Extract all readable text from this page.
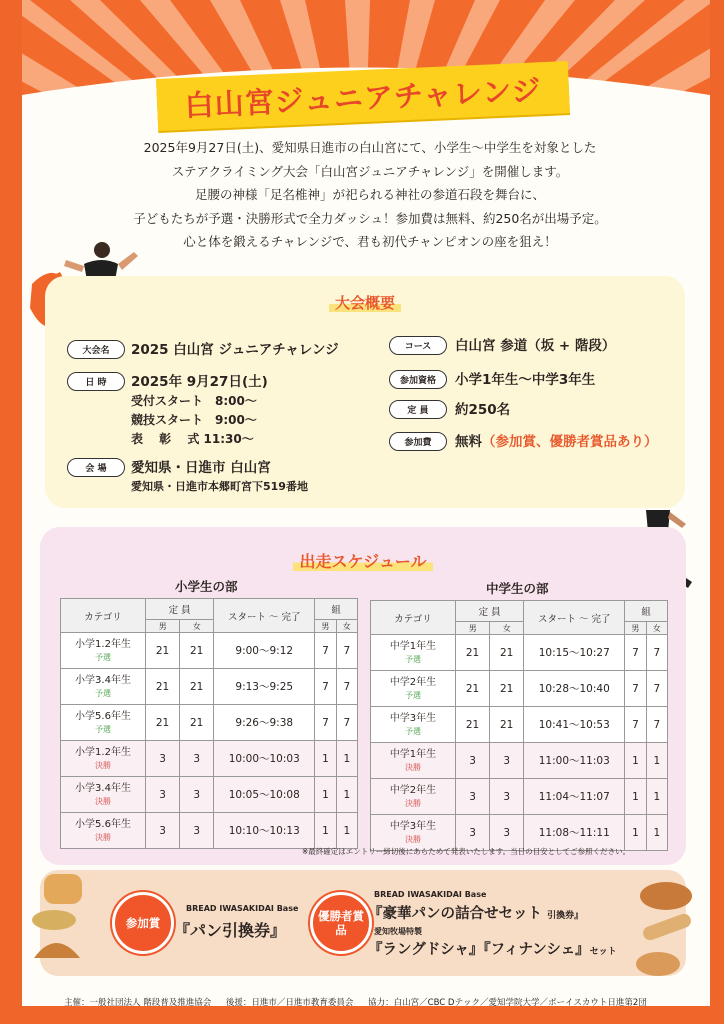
白山宮ジュニアチャレンジ

2025年9月27日(土)、愛知県日進市の白山宮にて、小学生〜中学生を対象とした

ステアクライミング大会「白山宮ジュニアチャレンジ」を開催します。

足腰の神様「足名椎神」が祀られる神社の参道石段を舞台に、

子どもたちが予選・決勝形式で全力ダッシュ！参加費は無料、約250名が出場予定。

心と体を鍛えるチャレンジで、君も初代チャンピオンの座を狙え！

大会概要
大会名	2025 白山宮 ジュニアチャレンジ
日 時	2025年 9月27日(土)
受付スタート　8:00〜
競技スタート　9:00〜
表　 彰 　式 11:30〜
会 場	愛知県・日進市 白山宮
愛知県・日進市本郷町宮下519番地
コース	白山宮 参道（坂 + 階段）
参加資格	小学1年生〜中学3年生
定 員	約250名
参加費	無料（参加賞、優勝者賞品あり）
出走スケジュール
小学生の部	中学生の部
カテゴリ	定 員		スタート 〜 完了	組	
	男	女		男	女
小学1.2年生
予選	21	21	9:00〜9:12	7	7
小学3.4年生
予選	21	21	9:13〜9:25	7	7
小学5.6年生
予選	21	21	9:26〜9:38	7	7
小学1.2年生
決勝	3	3	10:00〜10:03	1	1
小学3.4年生
決勝	3	3	10:05〜10:08	1	1
小学5.6年生
決勝	3	3	10:10〜10:13	1	1
カテゴリ	定 員		スタート 〜 完了	組	
	男	女		男	女
中学1年生
予選	21	21	10:15〜10:27	7	7
中学2年生
予選	21	21	10:28〜10:40	7	7
中学3年生
予選	21	21	10:41〜10:53	7	7
中学1年生
決勝	3	3	11:00〜11:03	1	1
中学2年生
決勝	3	3	11:04〜11:07	1	1
中学3年生
決勝	3	3	11:08〜11:11	1	1
※最終確定はエントリー締切後にあらためて発表いたします。当日の目安としてご参照ください。
参加賞
BREAD IWASAKIDAI Base
『パン引換券』
優勝者賞品
BREAD IWASAKIDAI Base
『豪華パンの詰合せセット 引換券』
愛知牧場特製
『ラングドシャ』『フィナンシェ』セット
主催：一般社団法人 階段普及推進協会 後援：日進市／日進市教育委員会 協力：白山宮／CBC Dテック／愛知学院大学／ボーイスカウト日進第2団
